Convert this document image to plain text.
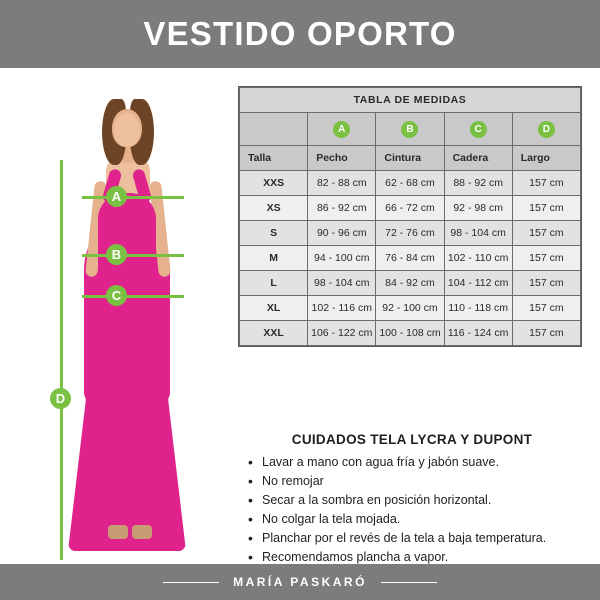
VESTIDO OPORTO
A
B
C
D
TABLA DE MEDIDAS				
	A	B	C	D
Talla	Pecho	Cintura	Cadera	Largo
XXS	82 - 88 cm	62 - 68 cm	88 - 92 cm	157 cm
XS	86 - 92 cm	66 - 72 cm	92 - 98 cm	157 cm
S	90 - 96 cm	72 - 76 cm	98 - 104 cm	157 cm
M	94 - 100 cm	76 - 84 cm	102 - 110 cm	157 cm
L	98 - 104 cm	84 - 92 cm	104 - 112 cm	157 cm
XL	102 - 116 cm	92 - 100 cm	110 - 118 cm	157 cm
XXL	106 - 122 cm	100 - 108 cm	116 - 124 cm	157 cm
CUIDADOS TELA LYCRA Y DUPONT
• Lavar a mano con agua fría y jabón suave.
• No remojar
• Secar a la sombra en posición horizontal.
• No colgar la tela mojada.
• Planchar por el revés de la tela a baja temperatura.
• Recomendamos plancha a vapor.
MARÍA PASKARÓ
